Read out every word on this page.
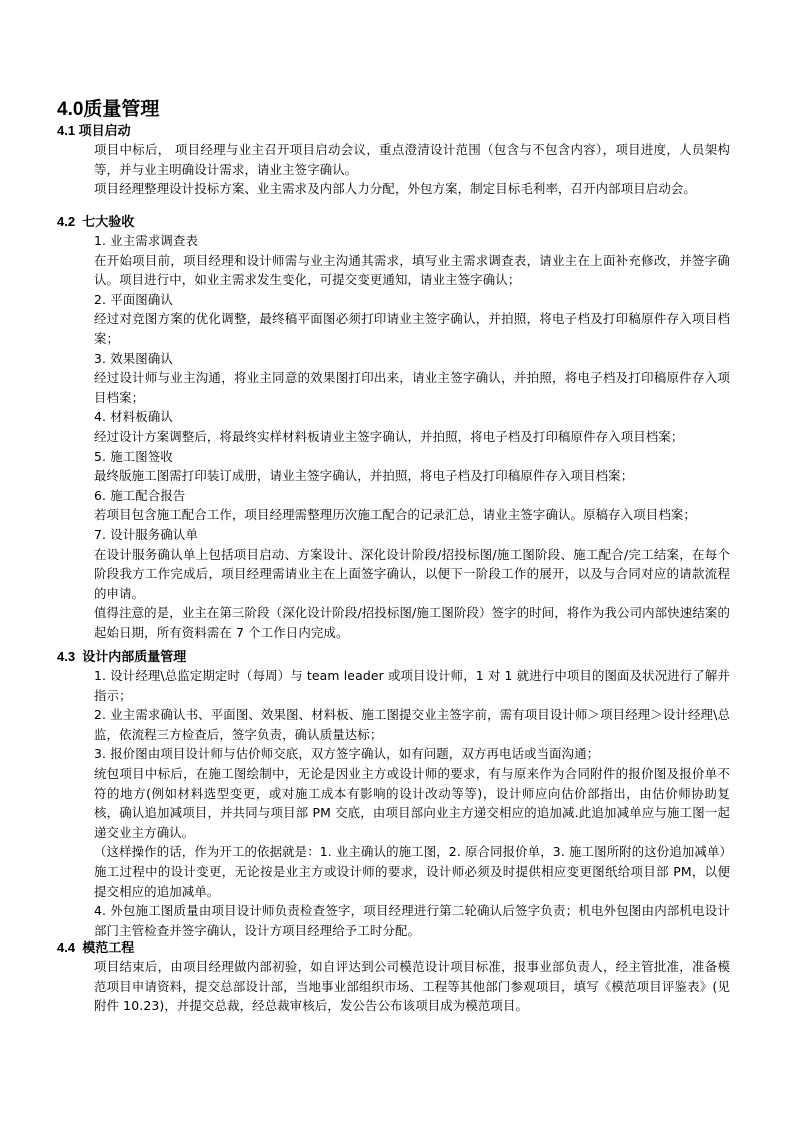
4.0质量管理
4.1 项目启动

项目中标后， 项目经理与业主召开项目启动会议，重点澄清设计范围（包含与不包含内容），项目进度，人员架构等，并与业主明确设计需求，请业主签字确认。

项目经理整理设计投标方案、业主需求及内部人力分配，外包方案，制定目标毛利率，召开内部项目启动会。

4.2  七大验收

1. 业主需求调查表

在开始项目前，项目经理和设计师需与业主沟通其需求，填写业主需求调查表，请业主在上面补充修改，并签字确认。项目进行中，如业主需求发生变化，可提交变更通知，请业主签字确认；

2. 平面图确认

经过对竞图方案的优化调整，最终稿平面图必须打印请业主签字确认，并拍照，将电子档及打印稿原件存入项目档案；

3. 效果图确认

经过设计师与业主沟通，将业主同意的效果图打印出来，请业主签字确认，并拍照，将电子档及打印稿原件存入项目档案；

4. 材料板确认

经过设计方案调整后，将最终实样材料板请业主签字确认，并拍照，将电子档及打印稿原件存入项目档案；

5. 施工图签收

最终版施工图需打印装订成册，请业主签字确认，并拍照，将电子档及打印稿原件存入项目档案；

6. 施工配合报告

若项目包含施工配合工作，项目经理需整理历次施工配合的记录汇总，请业主签字确认。原稿存入项目档案；

7. 设计服务确认单

在设计服务确认单上包括项目启动、方案设计、深化设计阶段/招投标图/施工图阶段、施工配合/完工结案，在每个阶段我方工作完成后，项目经理需请业主在上面签字确认，以便下一阶段工作的展开，以及与合同对应的请款流程的申请。

值得注意的是，业主在第三阶段（深化设计阶段/招投标图/施工图阶段）签字的时间，将作为我公司内部快速结案的起始日期，所有资料需在 7 个工作日内完成。

4.3  设计内部质量管理

1. 设计经理\总监定期定时（每周）与 team leader 或项目设计师，1 对 1 就进行中项目的图面及状况进行了解并指示；

2. 业主需求确认书、平面图、效果图、材料板、施工图提交业主签字前，需有项目设计师＞项目经理＞设计经理\总监，依流程三方检查后，签字负责，确认质量达标；

3. 报价图由项目设计师与估价师交底，双方签字确认，如有问题，双方再电话或当面沟通；

统包项目中标后，在施工图绘制中，无论是因业主方或设计师的要求，有与原来作为合同附件的报价图及报价单不符的地方(例如材料选型变更，或对施工成本有影响的设计改动等等)，设计师应向估价部指出，由估价师协助复核，确认追加减项目，并共同与项目部 PM 交底，由项目部向业主方递交相应的追加减.此追加减单应与施工图一起递交业主方确认。

（这样操作的话，作为开工的依据就是：1. 业主确认的施工图，2. 原合同报价单，3. 施工图所附的这份追加减单）

施工过程中的设计变更，无论按是业主方或设计师的要求，设计师必须及时提供相应变更图纸给项目部 PM，以便提交相应的追加减单。

4. 外包施工图质量由项目设计师负责检查签字，项目经理进行第二轮确认后签字负责；机电外包图由内部机电设计部门主管检查并签字确认，设计方项目经理给予工时分配。

4.4  模范工程

项目结束后，由项目经理做内部初验，如自评达到公司模范设计项目标准，报事业部负责人，经主管批准，准备模范项目申请资料，提交总部设计部，当地事业部组织市场、工程等其他部门参观项目，填写《模范项目评鉴表》(见附件 10.23)，并提交总裁，经总裁审核后，发公告公布该项目成为模范项目。
